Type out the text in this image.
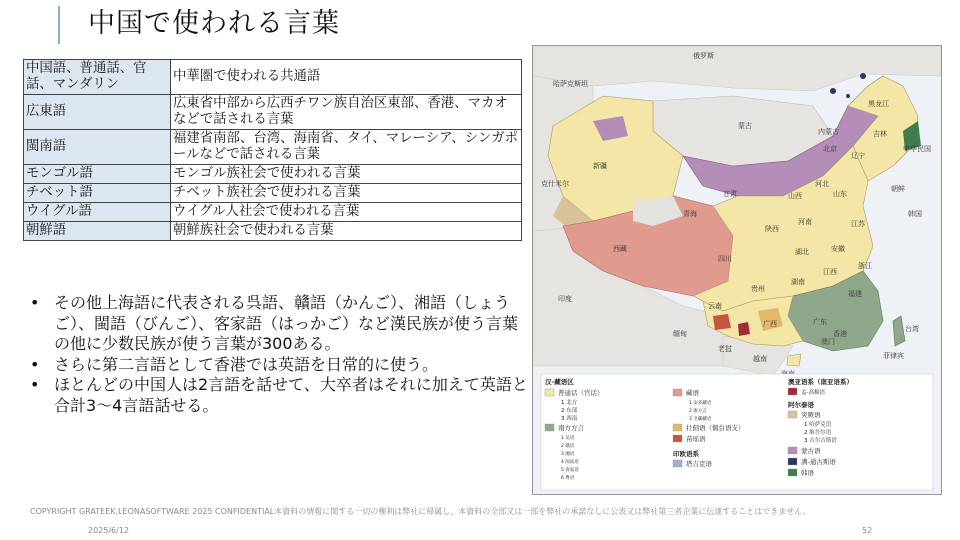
中国で使われる言葉
中国語、普通話、官話、マンダリン	中華圏で使われる共通語
広東語	広東省中部から広西チワン族自治区東部、香港、マカオなどで話される言葉
閩南語	福建省南部、台湾、海南省、タイ、マレーシア、シンガポールなどで話される言葉
モンゴル語	モンゴル族社会で使われる言葉
チベット語	チベット族社会で使われる言葉
ウイグル語	ウイグル人社会で使われる言葉
朝鮮語	朝鮮族社会で使われる言葉
• その他上海語に代表される呉語、贛語（かんご）、湘語（しょうご）、閩語（びんご）、客家語（はっかご）など漢民族が使う言葉の他に少数民族が使う言葉が300ある。
• さらに第二言語として香港では英語を日常的に使う。
• ほとんどの中国人は2言語を話せて、大卒者はそれに加えて英語と合計3〜4言語話せる。
俄罗斯
哈萨克斯坦
蒙古
新疆
西藏
青海
甘肃
内蒙古
黑龙江
吉林
辽宁
北京
河北
山西	山东
河南
陕西
四川
湖北	安徽
江苏
浙江
江西
湖南
福建
广西	广东
云南
贵州
台湾
香港
澳门
印度
缅甸
老挝
越南	菲律宾
韩国
朝鲜
中华民国
克什米尔
汉-藏语区
普通话（官话）
1 北方
2 东部
3 西南
南方方言
1 吴语
2 赣语
3 湘语
4 闽南语
5 客家话
6 粤语
藏语
1 安多藏语
2 康方言
3 卫藏藏语
壮侗语（侗台语支）
苗瑶语
印欧语系
塔吉克语
澳亚语系（南亚语系）
孟-高棉语
阿尔泰语
突厥语
1 哈萨克语
2 维吾尔语
3 吉尔吉斯语
蒙古语
满-通古斯语
韩语
COPYRIGHT GRATEEK,LEONASOFTWARE 2025 CONFIDENTIAL本資料の情報に関する一切の権利は弊社に帰属し、本資料の全部又は一部を弊社の承諾なしに公表又は弊社第三者企業に伝達することはできません。
2025/6/12	52
